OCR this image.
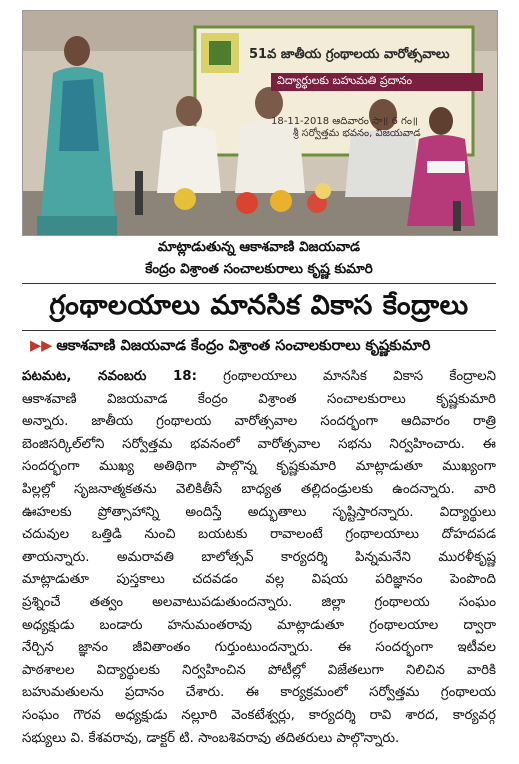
51వ జాతీయ గ్రంథాలయ వారోత్సవాలు
విద్యార్థులకు బహుమతి ప్రదానం
18-11-2018 ఆదివారం సా॥ 6 గం॥
శ్రీ సర్వోత్తమ భవనం, విజయవాడ
మాట్లాడుతున్న ఆకాశవాణి విజయవాడ
కేంద్రం విశ్రాంత సంచాలకురాలు కృష్ణ కుమారి
గ్రంథాలయాలు మానసిక వికాస కేంద్రాలు
▶▶ ఆకాశవాణి విజయవాడ కేంద్రం విశ్రాంత సంచాలకురాలు కృష్ణకుమారి
పటమట, నవంబరు 18: గ్రంథాలయాలు మానసిక వికాస కేంద్రాలని
ఆకాశవాణి విజయవాడ కేంద్రం విశ్రాంత సంచాలకురాలు కృష్ణకుమారి
అన్నారు. జాతీయ గ్రంథాలయ వారోత్సవాల సందర్భంగా ఆదివారం రాత్రి
బెంజిసర్కిల్‌లోని సర్వోత్తమ భవనంలో వారోత్సవాల సభను నిర్వహించారు. ఈ
సందర్భంగా ముఖ్య అతిథిగా పాల్గొన్న కృష్ణకుమారి మాట్లాడుతూ ముఖ్యంగా
పిల్లల్లో సృజనాత్మకతను వెలికితీసే బాధ్యత తల్లిదండ్రులకు ఉందన్నారు. వారి
ఊహలకు ప్రోత్సాహాన్ని అందిస్తే అద్భుతాలు సృష్టిస్తారన్నారు. విద్యార్థులు
చదువుల ఒత్తిడి నుంచి బయటకు రావాలంటే గ్రంథాలయాలు దోహదపడ
తాయన్నారు. అమరావతి బాలోత్సవ్ కార్యదర్శి పిన్నమనేని మురళీకృష్ణ
మాట్లాడుతూ పుస్తకాలు చదవడం వల్ల విషయ పరిజ్ఞానం పెంపొంది
ప్రశ్నించే తత్వం అలవాటుపడుతుందన్నారు. జిల్లా గ్రంథాలయ సంఘం
అధ్యక్షుడు బండారు హనుమంతరావు మాట్లాడుతూ గ్రంథాలయాల ద్వారా
నేర్చిన జ్ఞానం జీవితాంతం గుర్తుంటుందన్నారు. ఈ సందర్భంగా ఇటీవల
పాఠశాలల విద్యార్థులకు నిర్వహించిన పోటీల్లో విజేతలుగా నిలిచిన వారికి
బహుమతులను ప్రదానం చేశారు. ఈ కార్యక్రమంలో సర్వోత్తమ గ్రంథాలయ
సంఘం గౌరవ అధ్యక్షుడు నల్లూరి వెంకటేశ్వర్లు, కార్యదర్శి రావి శారద, కార్యవర్గ
సభ్యులు వి. కేశవరావు, డాక్టర్ టి. సాంబశివరావు తదితరులు పాల్గొన్నారు.
